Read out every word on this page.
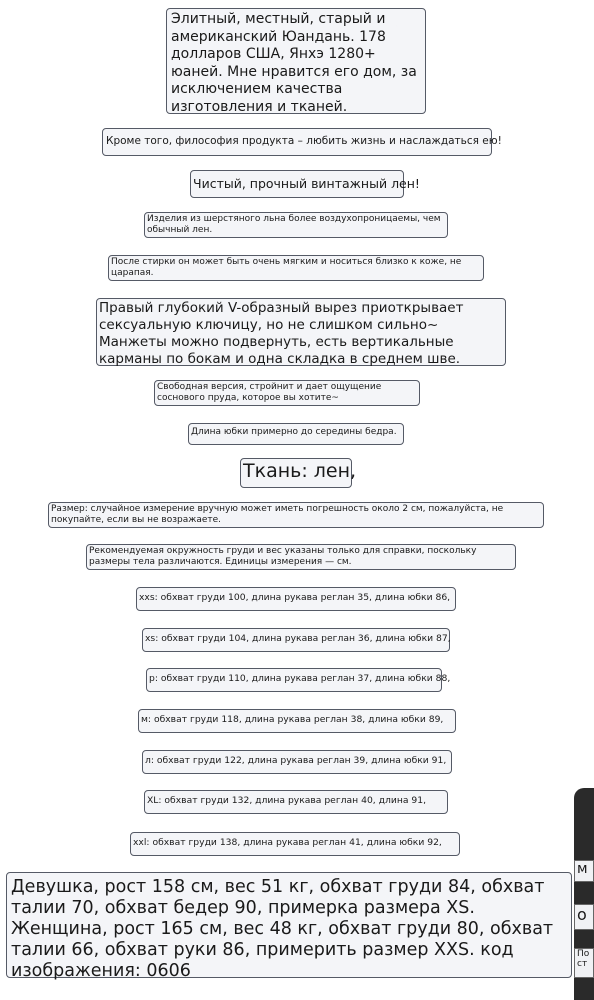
Элитный, местный, старый и американский Юандань. 178 долларов США, Янхэ 1280+ юаней. Мне нравится его дом, за исключением качества изготовления и тканей.
Кроме того, философия продукта – любить жизнь и наслаждаться ею!
Чистый, прочный винтажный лен!
Изделия из шерстяного льна более воздухопроницаемы, чем обычный лен.
После стирки он может быть очень мягким и носиться близко к коже, не царапая.
Правый глубокий V-образный вырез приоткрывает сексуальную ключицу, но не слишком сильно~ Манжеты можно подвернуть, есть вертикальные карманы по бокам и одна складка в среднем шве.
Свободная версия, стройнит и дает ощущение соснового пруда, которое вы хотите~
Длина юбки примерно до середины бедра.
Ткань: лен,
Размер: случайное измерение вручную может иметь погрешность около 2 см, пожалуйста, не покупайте, если вы не возражаете.
Рекомендуемая окружность груди и вес указаны только для справки, поскольку размеры тела различаются. Единицы измерения — см.
xxs: обхват груди 100, длина рукава реглан 35, длина юбки 86,
xs: обхват груди 104, длина рукава реглан 36, длина юбки 87,
p: обхват груди 110, длина рукава реглан 37, длина юбки 88,
м: обхват груди 118, длина рукава реглан 38, длина юбки 89,
л: обхват груди 122, длина рукава реглан 39, длина юбки 91,
XL: обхват груди 132, длина рукава реглан 40, длина 91,
xxl: обхват груди 138, длина рукава реглан 41, длина юбки 92,
Девушка, рост 158 см, вес 51 кг, обхват груди 84, обхват талии 70, обхват бедер 90, примерка размера XS. Женщина, рост 165 см, вес 48 кг, обхват груди 80, обхват талии 66, обхват руки 86, примерить размер XXS. код изображения: 0606
м
о
По ст
